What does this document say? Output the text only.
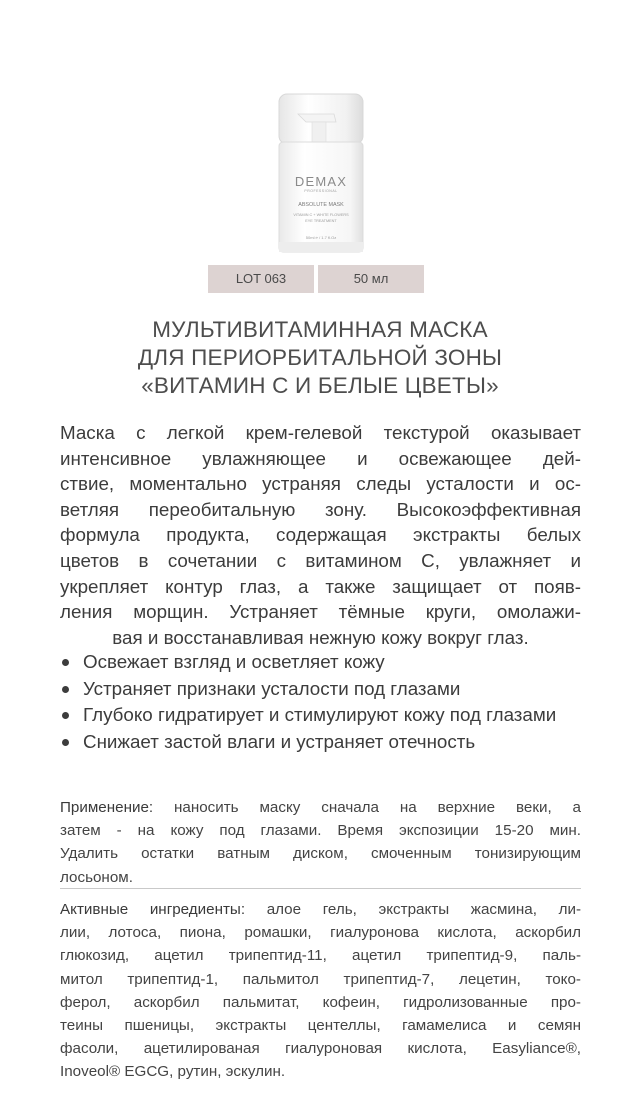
DEMAX
PROFESSIONAL
ABSOLUTE MASK
VITAMIN C + WHITE FLOWERS
EYE TREATMENT
50ml ℮ / 1.7 fl.Oz
LOT 063	50 мл
МУЛЬТИВИТАМИННАЯ МАСКА
ДЛЯ ПЕРИОРБИТАЛЬНОЙ ЗОНЫ
«ВИТАМИН С И БЕЛЫЕ ЦВЕТЫ»
Маска с легкой крем-гелевой текстурой оказывает
интенсивное увлажняющее и освежающее дей-
ствие, моментально устраняя следы усталости и ос-
ветляя переобитальную зону. Высокоэффективная
формула продукта, содержащая экстракты белых
цветов в сочетании с витамином С, увлажняет и
укрепляет контур глаз, а также защищает от появ-
ления морщин. Устраняет тёмные круги, омолажи-
вая и восстанавливая нежную кожу вокруг глаз.
Освежает взгляд и осветляет кожу
Устраняет признаки усталости под глазами
Глубоко гидратирует и стимулируют кожу под глазами
Снижает застой влаги и устраняет отечность
Применение: наносить маску сначала на верхние веки, а
затем - на кожу под глазами. Время экспозиции 15-20 мин.
Удалить остатки ватным диском, смоченным тонизирующим
лосьоном.
Активные ингредиенты: алое гель, экстракты жасмина, ли-
лии, лотоса, пиона, ромашки, гиалуронова кислота, аскорбил
глюкозид, ацетил трипептид-11, ацетил трипептид-9, паль-
митол трипептид-1, пальмитол трипептид-7, лецетин, токо-
ферол, аскорбил пальмитат, кофеин, гидролизованные про-
теины пшеницы, экстракты центеллы, гамамелиса и семян
фасоли, ацетилированая гиалуроновая кислота, Easyliance®,
Inoveol® EGCG, рутин, эскулин.
